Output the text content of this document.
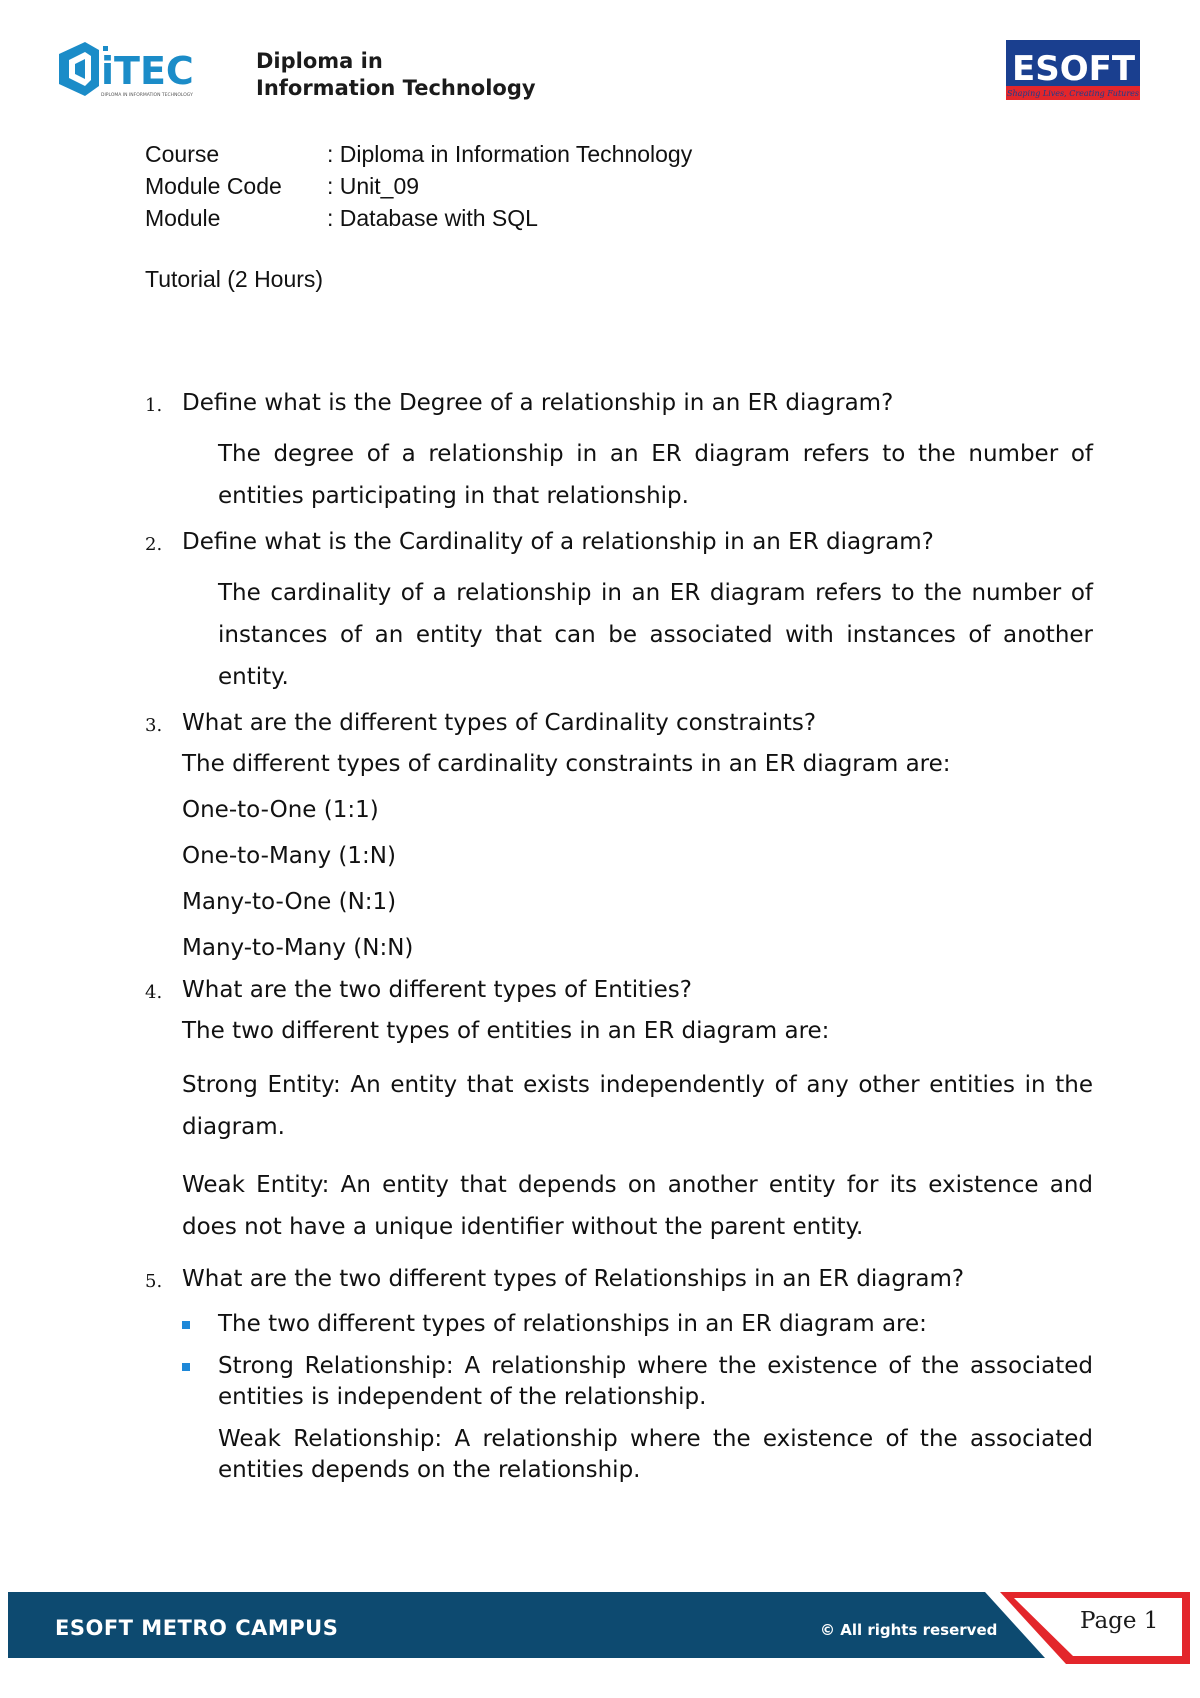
iTEC
DIPLOMA IN INFORMATION TECHNOLOGY
Diploma in
Information Technology	ESOFT
Shaping Lives, Creating Futures
Course	: Diploma in Information Technology
Module Code	: Unit_09
Module	: Database with SQL
Tutorial (2 Hours)
1. Define what is the Degree of a relationship in an ER diagram?
The degree of a relationship in an ER diagram refers to the number of entities participating in that relationship.
2. Define what is the Cardinality of a relationship in an ER diagram?
The cardinality of a relationship in an ER diagram refers to the number of instances of an entity that can be associated with instances of another entity.
3. What are the different types of Cardinality constraints?
The different types of cardinality constraints in an ER diagram are:
One-to-One (1:1)
One-to-Many (1:N)
Many-to-One (N:1)
Many-to-Many (N:N)
4. What are the two different types of Entities?
The two different types of entities in an ER diagram are:
Strong Entity: An entity that exists independently of any other entities in the diagram.
Weak Entity: An entity that depends on another entity for its existence and does not have a unique identifier without the parent entity.
5. What are the two different types of Relationships in an ER diagram?
The two different types of relationships in an ER diagram are:
Strong Relationship: A relationship where the existence of the associated entities is independent of the relationship.
Weak Relationship: A relationship where the existence of the associated entities depends on the relationship.
ESOFT METRO CAMPUS	© All rights reserved	Page 1
